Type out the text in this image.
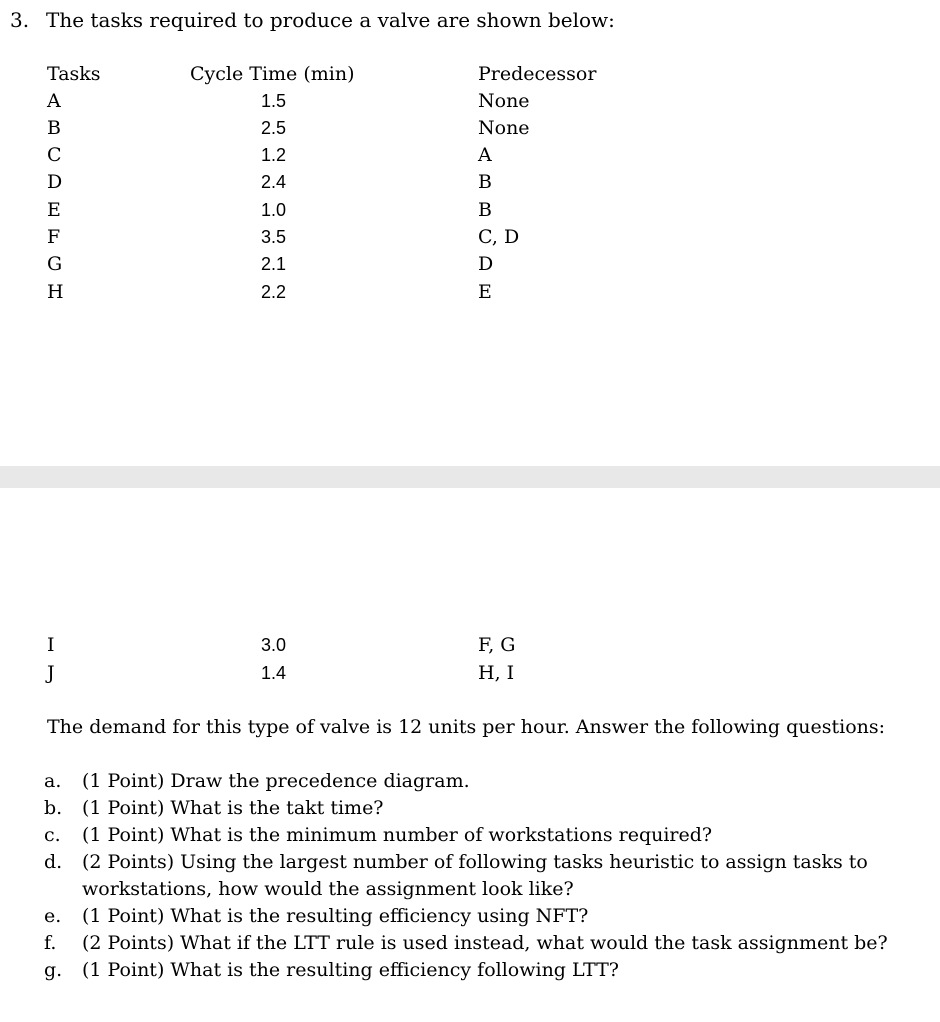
3. The tasks required to produce a valve are shown below:
Tasks	Cycle Time (min)	Predecessor
A	1.5	None
B	2.5	None
C	1.2	A
D	2.4	B
E	1.0	B
F	3.5	C, D
G	2.1	D
H	2.2	E
I	3.0	F, G
J	1.4	H, I
The demand for this type of valve is 12 units per hour. Answer the following questions:
a.	(1 Point) Draw the precedence diagram.
b.	(1 Point) What is the takt time?
c.	(1 Point) What is the minimum number of workstations required?
d.	(2 Points) Using the largest number of following tasks heuristic to assign tasks to workstations, how would the assignment look like?
e.	(1 Point) What is the resulting efficiency using NFT?
f.	(2 Points) What if the LTT rule is used instead, what would the task assignment be?
g.	(1 Point) What is the resulting efficiency following LTT?
